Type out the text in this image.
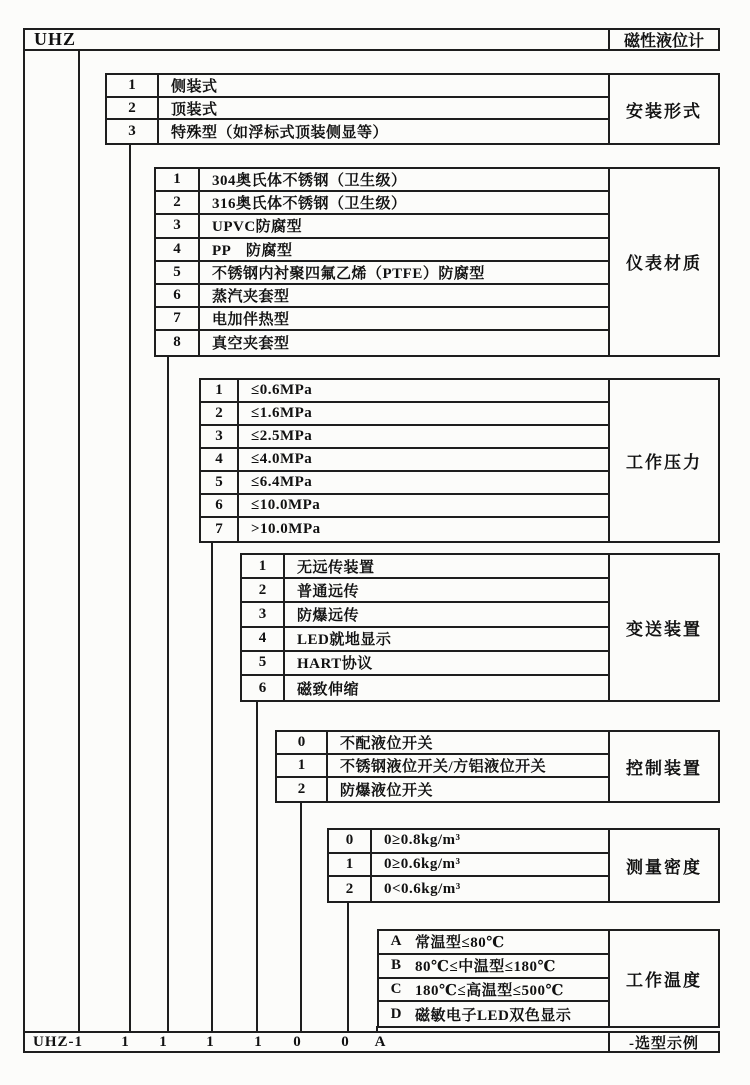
UHZ	磁性液位计
1	侧装式
2	顶装式
3	特殊型（如浮标式顶装侧显等）
安装形式
1	304奥氏体不锈钢（卫生级）
2	316奥氏体不锈钢（卫生级）
3	UPVC防腐型
4	PP　防腐型
5	不锈钢内衬聚四氟乙烯（PTFE）防腐型
6	蒸汽夹套型
7	电加伴热型
8	真空夹套型
仪表材质
1	≤0.6MPa
2	≤1.6MPa
3	≤2.5MPa
4	≤4.0MPa
5	≤6.4MPa
6	≤10.0MPa
7	>10.0MPa
工作压力
1	无远传装置
2	普通远传
3	防爆远传
4	LED就地显示
5	HART协议
6	磁致伸缩
变送装置
0	不配液位开关
1	不锈钢液位开关/方铝液位开关
2	防爆液位开关
控制装置
0	0≥0.8kg/m³
1	0≥0.6kg/m³
2	0<0.6kg/m³
测量密度
A 常温型≤80℃
B 80℃≤中温型≤180℃
C 180℃≤高温型≤500℃
D 磁敏电子LED双色显示
工作温度
UHZ-1	1 1	1	1 0	0 A	-选型示例
